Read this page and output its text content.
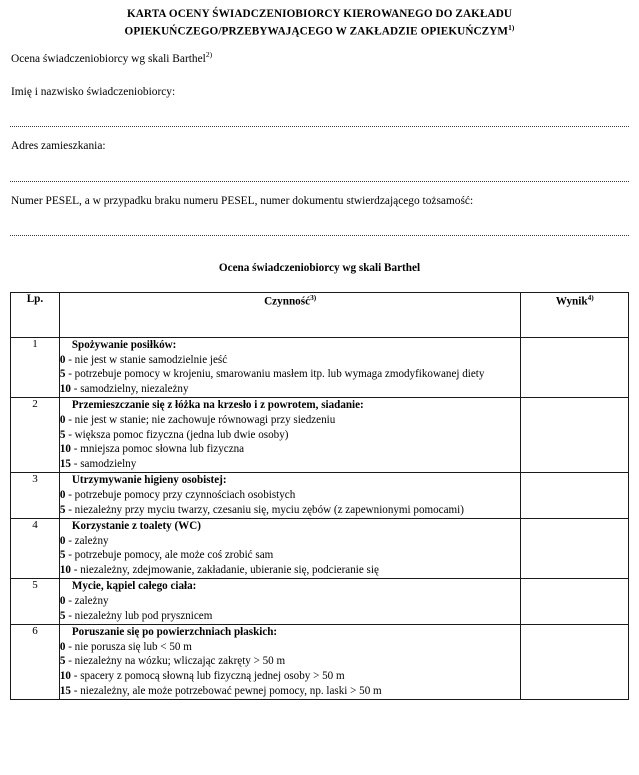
KARTA OCENY ŚWIADCZENIOBIORCY KIEROWANEGO DO ZAKŁADU
OPIEKUŃCZEGO/PRZEBYWAJĄCEGO W ZAKŁADZIE OPIEKUŃCZYM$^{1)}$
Ocena świadczeniobiorcy wg skali Barthel$^{2)}$
Imię i nazwisko świadczeniobiorcy:

Adres zamieszkania:

Numer PESEL, a w przypadku braku numeru PESEL, numer dokumentu stwierdzającego tożsamość:

Ocena świadczeniobiorcy wg skali Barthel
Lp.	Czynność$^{3)}$	Wynik$^{4)}$
1	Spożywanie posiłków:
0 - nie jest w stanie samodzielnie jeść
5 - potrzebuje pomocy w krojeniu, smarowaniu masłem itp. lub wymaga zmodyfikowanej diety
10 - samodzielny, niezależny	

2	Przemieszczanie się z łóżka na krzesło i z powrotem, siadanie:
0 - nie jest w stanie; nie zachowuje równowagi przy siedzeniu
5 - większa pomoc fizyczna (jedna lub dwie osoby)
10 - mniejsza pomoc słowna lub fizyczna
15 - samodzielny	

3	Utrzymywanie higieny osobistej:
0 - potrzebuje pomocy przy czynnościach osobistych
5 - niezależny przy myciu twarzy, czesaniu się, myciu zębów (z zapewnionymi pomocami)	

4	Korzystanie z toalety (WC)
0 - zależny
5 - potrzebuje pomocy, ale może coś zrobić sam
10 - niezależny, zdejmowanie, zakładanie, ubieranie się, podcieranie się	

5	Mycie, kąpiel całego ciała:
0 - zależny
5 - niezależny lub pod prysznicem	

6	Poruszanie się po powierzchniach płaskich:
0 - nie porusza się lub < 50 m
5 - niezależny na wózku; wliczając zakręty > 50 m
10 - spacery z pomocą słowną lub fizyczną jednej osoby > 50 m
15 - niezależny, ale może potrzebować pewnej pomocy, np. laski > 50 m	
